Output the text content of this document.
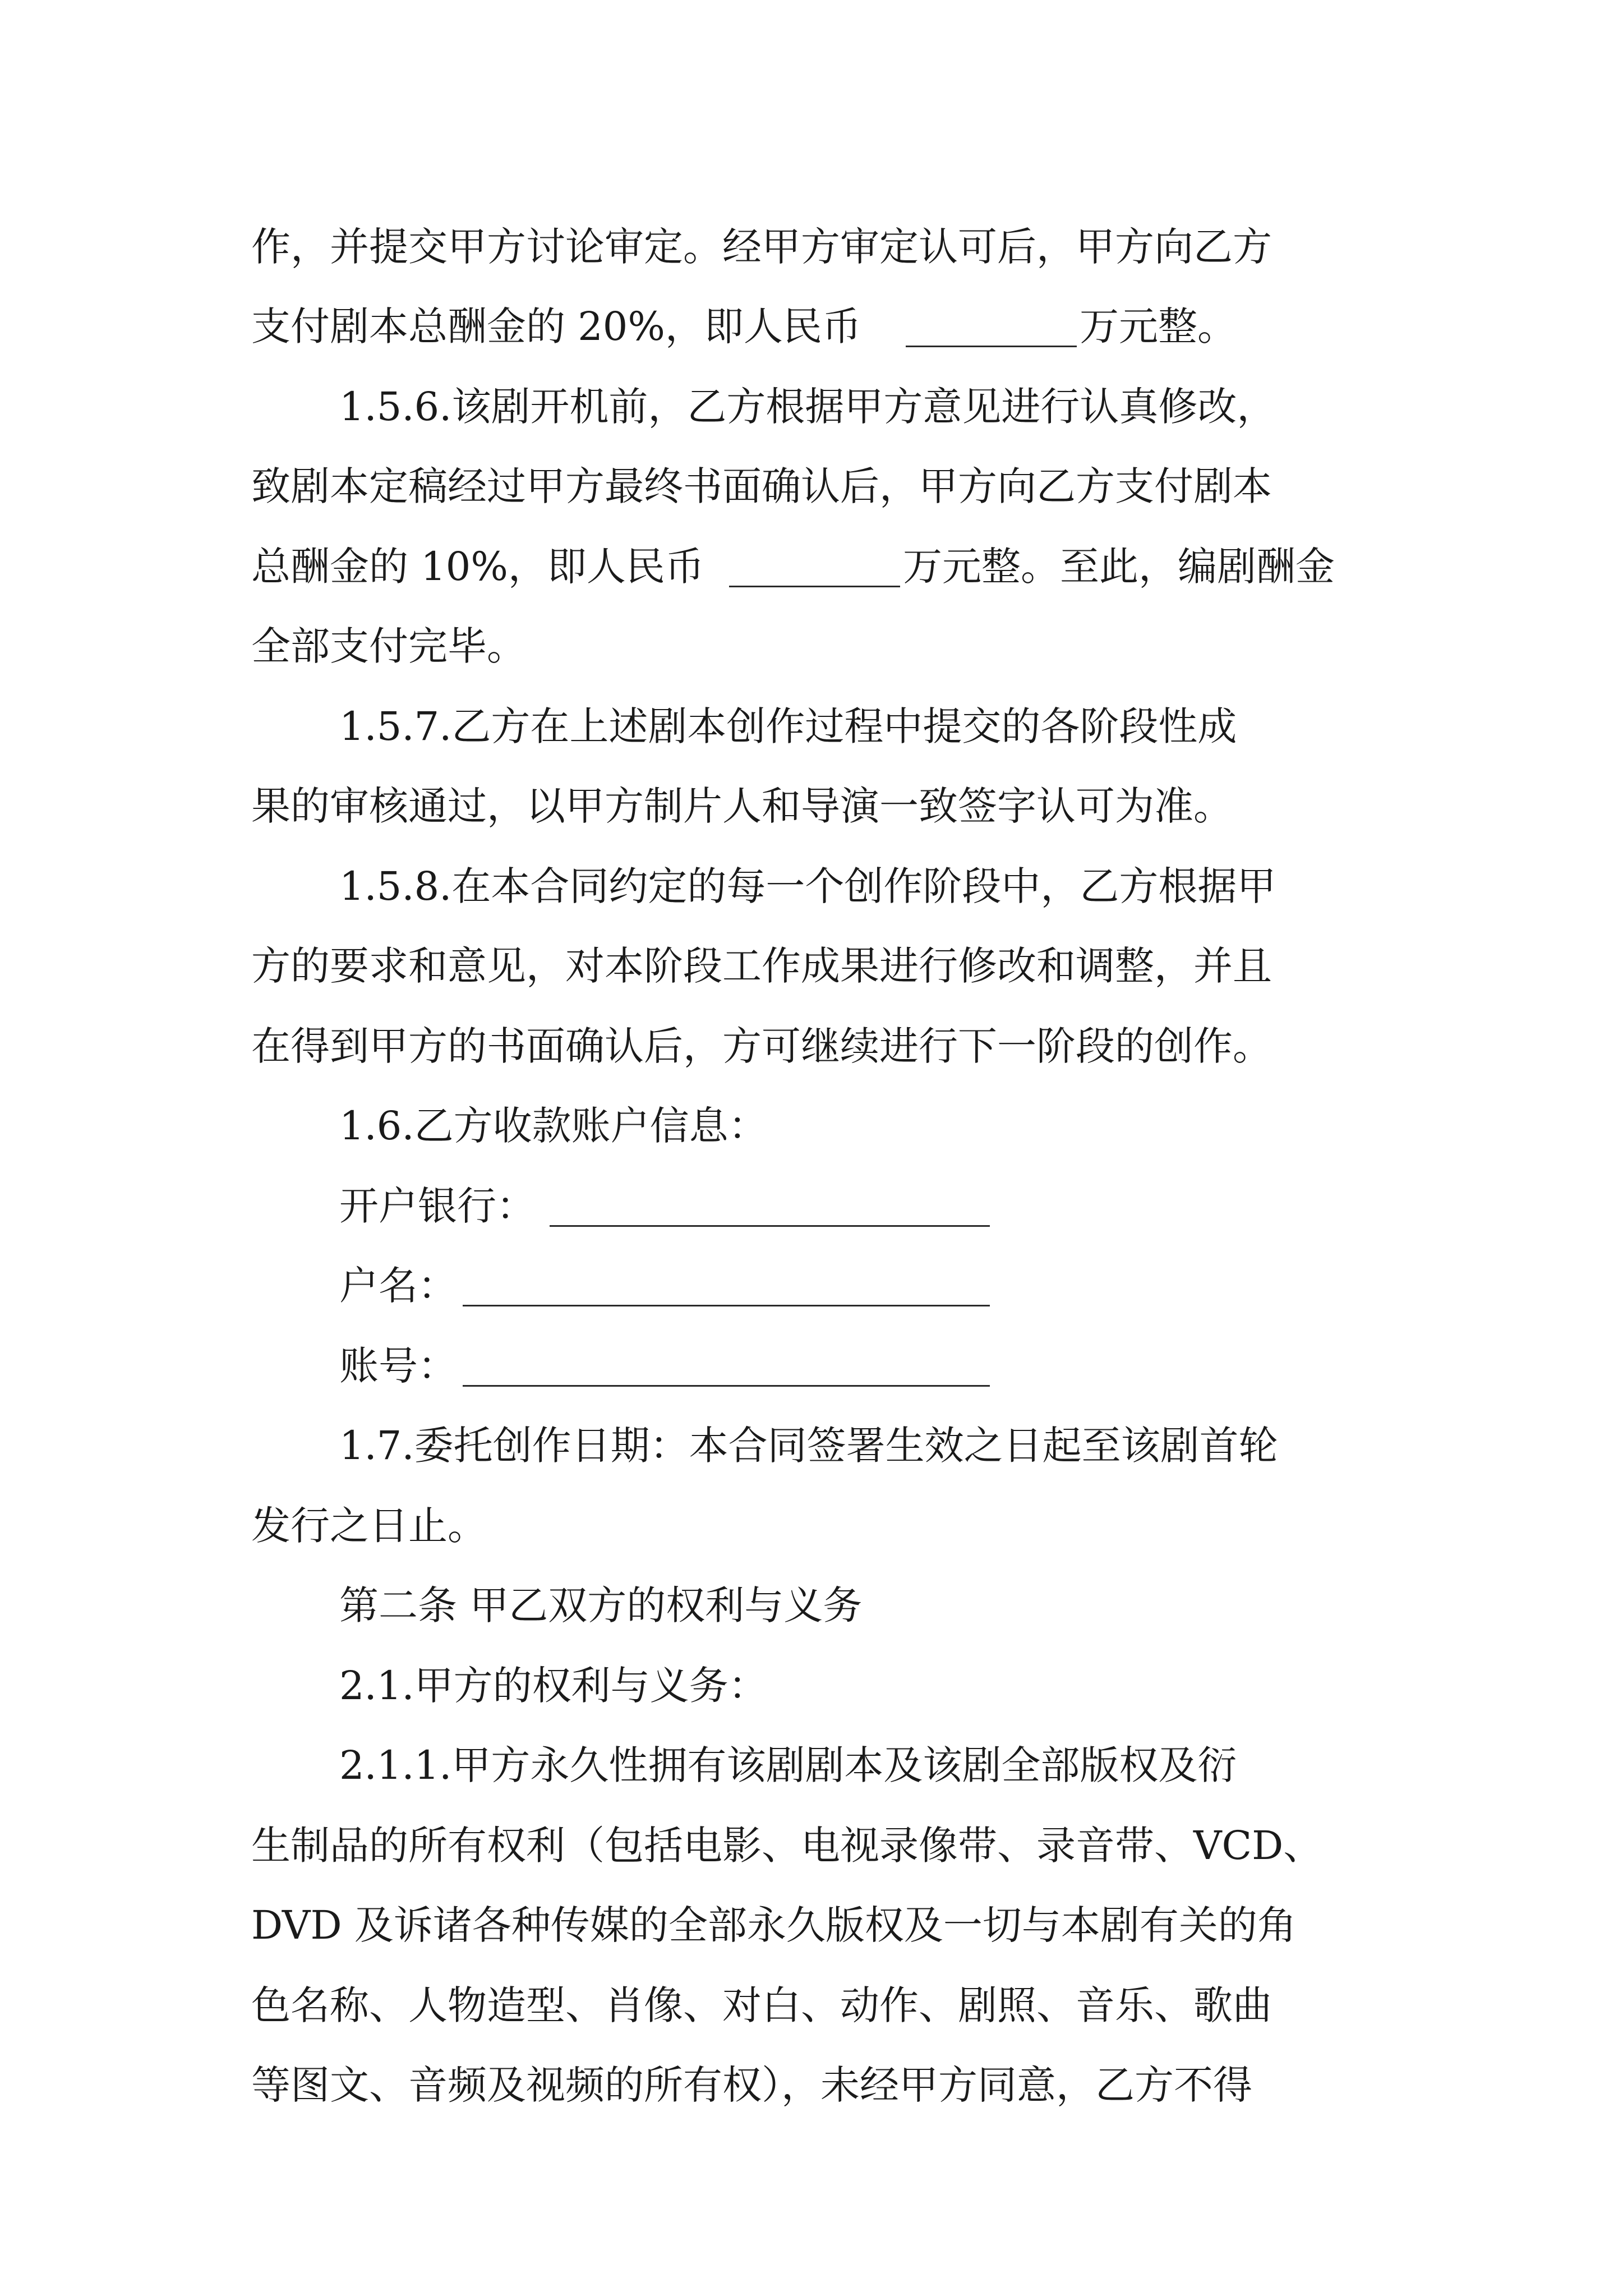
作，并提交甲方讨论审定。经甲方审定认可后，甲方向乙方
支付剧本总酬金的 20%，即人民币	万元整。
1.5.6.该剧开机前，乙方根据甲方意见进行认真修改，
致剧本定稿经过甲方最终书面确认后，甲方向乙方支付剧本
总酬金的 10%，即人民币	万元整。至此，编剧酬金
全部支付完毕。
1.5.7.乙方在上述剧本创作过程中提交的各阶段性成
果的审核通过，以甲方制片人和导演一致签字认可为准。
1.5.8.在本合同约定的每一个创作阶段中，乙方根据甲
方的要求和意见，对本阶段工作成果进行修改和调整，并且
在得到甲方的书面确认后，方可继续进行下一阶段的创作。
1.6.乙方收款账户信息：
开户银行：
户名：
账号：
1.7.委托创作日期：本合同签署生效之日起至该剧首轮
发行之日止。
第二条 甲乙双方的权利与义务
2.1.甲方的权利与义务：
2.1.1.甲方永久性拥有该剧剧本及该剧全部版权及衍
生制品的所有权利（包括电影、电视录像带、录音带、VCD、
DVD 及诉诸各种传媒的全部永久版权及一切与本剧有关的角
色名称、人物造型、肖像、对白、动作、剧照、音乐、歌曲
等图文、音频及视频的所有权），未经甲方同意，乙方不得
